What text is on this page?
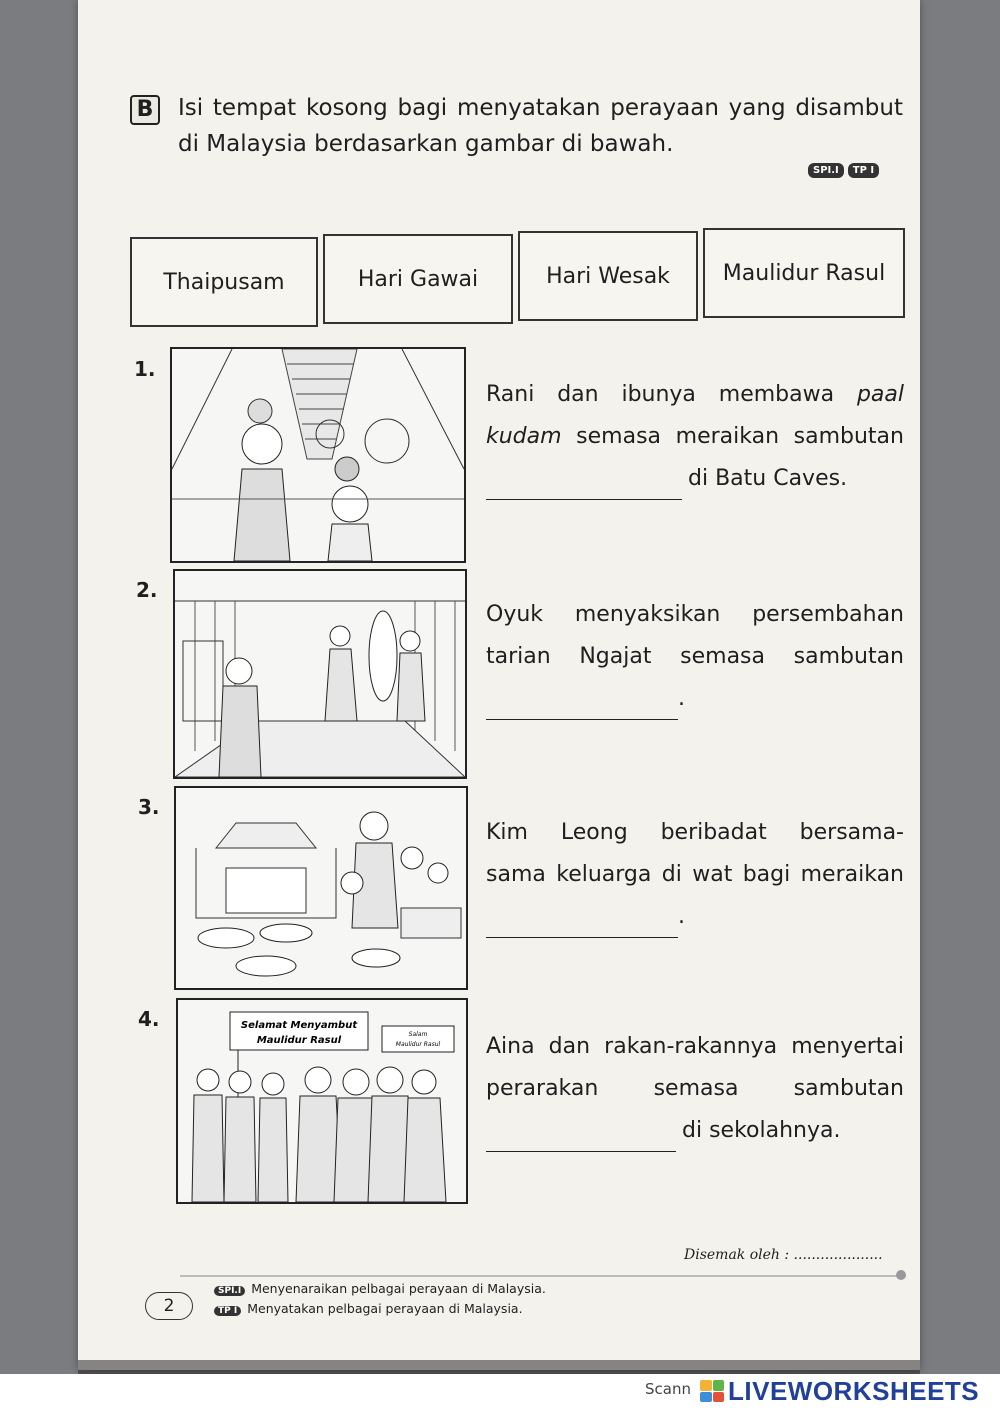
B Isi tempat kosong bagi menyatakan perayaan yang disambut di Malaysia berdasarkan gambar di bawah.
SPI.I	TP I
Thaipusam	Hari Gawai	Hari Wesak Maulidur Rasul
1.
Rani dan ibunya membawa paal
kudam semasa meraikan sambutan
di Batu Caves.
2.
Oyuk menyaksikan persembahan
tarian Ngajat semasa sambutan
.
3.
Kim Leong beribadat bersama-
sama keluarga di wat bagi meraikan
.
4.	Selamat Menyambut
Maulidur Rasul
Salam
Maulidur Rasul Aina dan rakan-rakannya menyertai
perarakan semasa sambutan
di sekolahnya.
Disemak oleh : ....................
2
SPI.I Menyenaraikan pelbagai perayaan di Malaysia.
TP I Menyatakan pelbagai perayaan di Malaysia.
Scann LIVEWORKSHEETS
